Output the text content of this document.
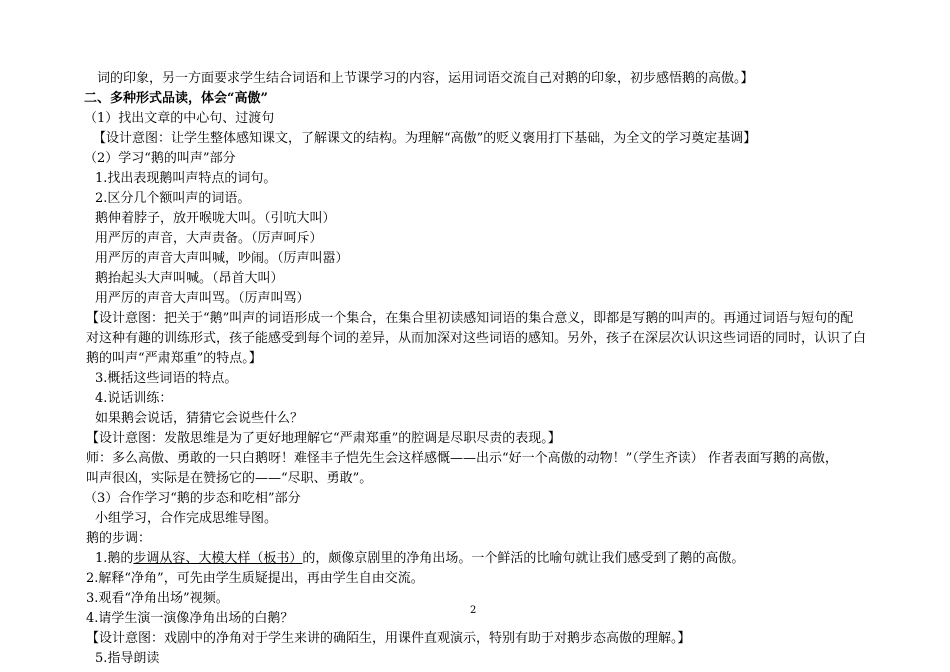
词的印象，另一方面要求学生结合词语和上节课学习的内容，运用词语交流自己对鹅的印象，初步感悟鹅的高傲。】
二、多种形式品读，体会“高傲”
（1）找出文章的中心句、过渡句
【设计意图：让学生整体感知课文，了解课文的结构。为理解“高傲”的贬义褒用打下基础，为全文的学习奠定基调】
（2）学习“鹅的叫声”部分
1.找出表现鹅叫声特点的词句。
2.区分几个额叫声的词语。
鹅伸着脖子，放开喉咙大叫。（引吭大叫）
用严厉的声音，大声责备。（厉声呵斥）
用严厉的声音大声叫喊，吵闹。（厉声叫嚣）
鹅抬起头大声叫喊。（昂首大叫）
用严厉的声音大声叫骂。（厉声叫骂）
【设计意图：把关于“鹅”叫声的词语形成一个集合，在集合里初读感知词语的集合意义，即都是写鹅的叫声的。再通过词语与短句的配
对这种有趣的训练形式，孩子能感受到每个词的差异，从而加深对这些词语的感知。另外，孩子在深层次认识这些词语的同时，认识了白
鹅的叫声“严肃郑重”的特点。】
3.概括这些词语的特点。
4.说话训练：
如果鹅会说话，猜猜它会说些什么？
【设计意图：发散思维是为了更好地理解它“严肃郑重”的腔调是尽职尽责的表现。】
师：多么高傲、勇敢的一只白鹅呀！难怪丰子恺先生会这样感慨——出示“好一个高傲的动物！”（学生齐读） 作者表面写鹅的高傲，
叫声很凶，实际是在赞扬它的——“尽职、勇敢”。
（3）合作学习“鹅的步态和吃相”部分
小组学习，合作完成思维导图。
鹅的步调：
1.鹅的步调从容、大模大样（板书）的，颇像京剧里的净角出场。一个鲜活的比喻句就让我们感受到了鹅的高傲。
2.解释“净角”，可先由学生质疑提出，再由学生自由交流。
3.观看“净角出场”视频。
4.请学生演一演像净角出场的白鹅？
【设计意图：戏剧中的净角对于学生来讲的确陌生，用课件直观演示，特别有助于对鹅步态高傲的理解。】
5.指导朗读
2
